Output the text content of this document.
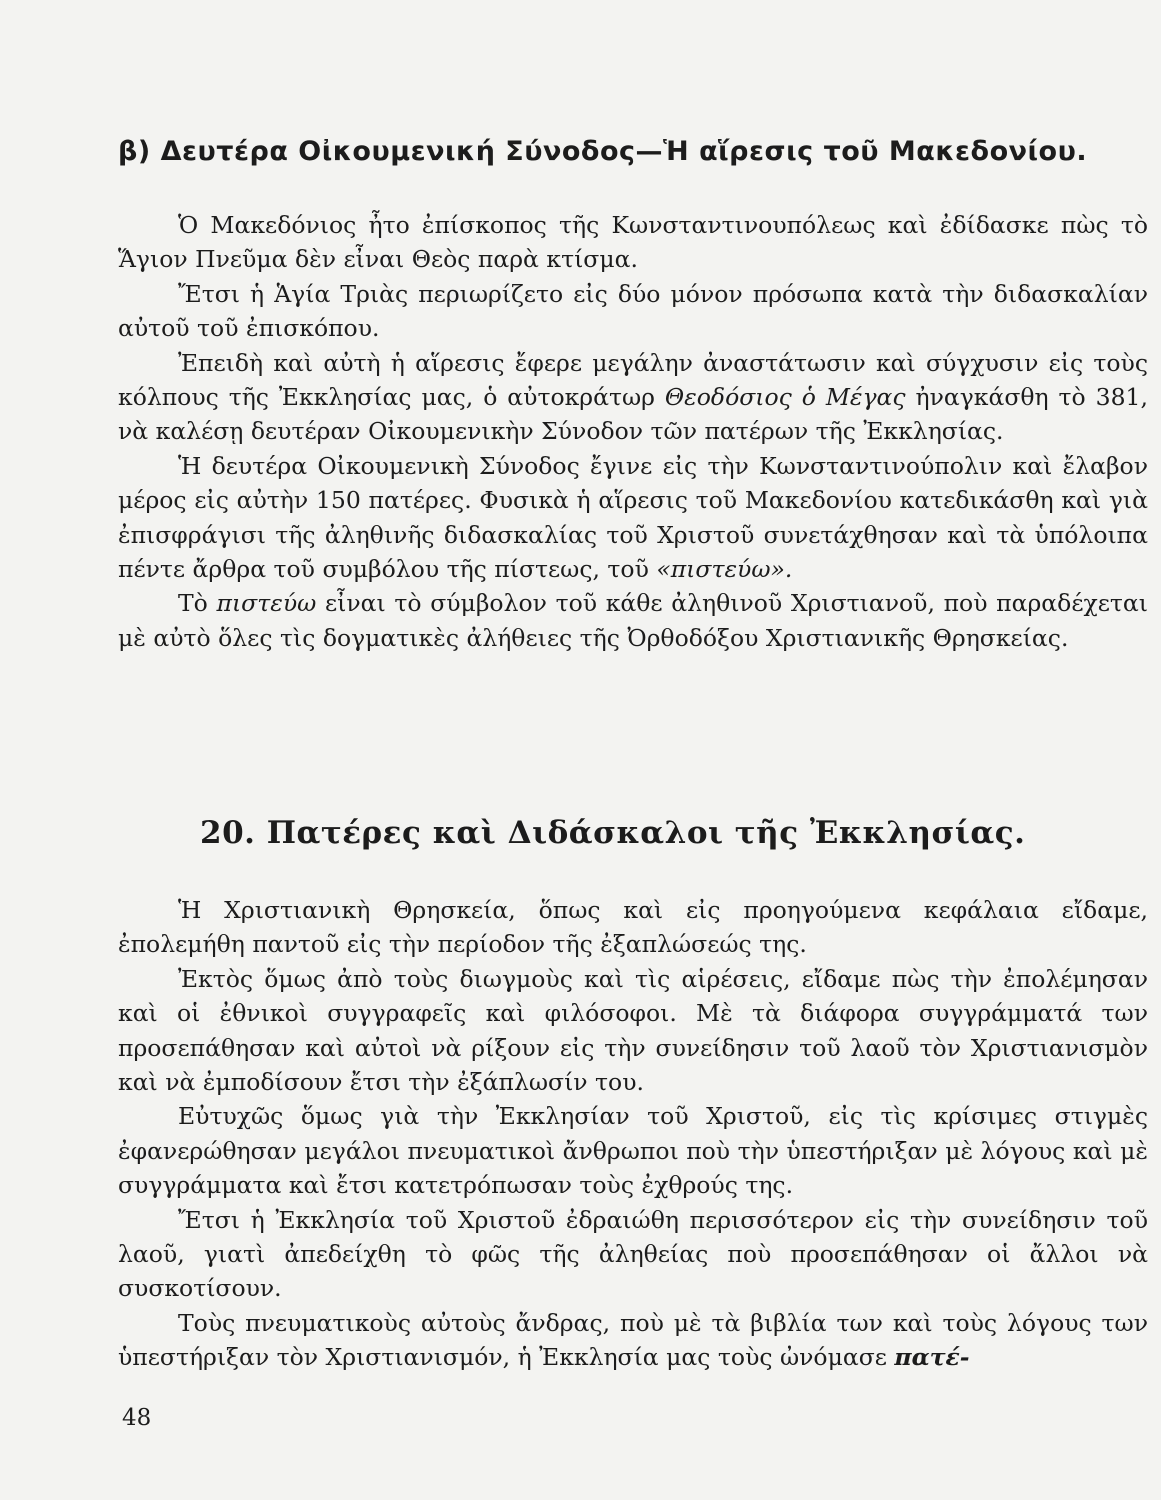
β) Δευτέρα Οἰκουμενική Σύνοδος—Ἡ αἵρεσις τοῦ Μακεδονίου.

Ὁ Μακεδόνιος ἦτο ἐπίσκοπος τῆς Κωνσταντινουπόλεως καὶ ἐδίδασκε πὼς τὸ Ἅγιον Πνεῦμα δὲν εἶναι Θεὸς παρὰ κτίσμα.

Ἔτσι ἡ Ἁγία Τριὰς περιωρίζετο εἰς δύο μόνον πρόσωπα κατὰ τὴν διδασκαλίαν αὐτοῦ τοῦ ἐπισκόπου.

Ἐπειδὴ καὶ αὐτὴ ἡ αἵρεσις ἔφερε μεγάλην ἀναστάτωσιν καὶ σύγχυσιν εἰς τοὺς κόλπους τῆς Ἐκκλησίας μας, ὁ αὐτοκράτωρ Θεοδόσιος ὁ Μέγας ἠναγκάσθη τὸ 381, νὰ καλέσῃ δευτέραν Οἰκουμενικὴν Σύνοδον τῶν πατέρων τῆς Ἐκκλησίας.

Ἡ δευτέρα Οἰκουμενικὴ Σύνοδος ἔγινε εἰς τὴν Κωνσταντινούπολιν καὶ ἔλαβον μέρος εἰς αὐτὴν 150 πατέρες. Φυσικὰ ἡ αἵρεσις τοῦ Μακεδονίου κατεδικάσθη καὶ γιὰ ἐπισφράγισι τῆς ἀληθινῆς διδασκαλίας τοῦ Χριστοῦ συνετάχθησαν καὶ τὰ ὑπόλοιπα πέντε ἄρθρα τοῦ συμβόλου τῆς πίστεως, τοῦ «πιστεύω».

Τὸ πιστεύω εἶναι τὸ σύμβολον τοῦ κάθε ἀληθινοῦ Χριστιανοῦ, ποὺ παραδέχεται μὲ αὐτὸ ὅλες τὶς δογματικὲς ἀλήθειες τῆς Ὀρθοδόξου Χριστιανικῆς Θρησκείας.

20. Πατέρες καὶ Διδάσκαλοι τῆς Ἐκκλησίας.

Ἡ Χριστιανικὴ Θρησκεία, ὅπως καὶ εἰς προηγούμενα κεφάλαια εἴδαμε, ἐπολεμήθη παντοῦ εἰς τὴν περίοδον τῆς ἐξαπλώσεώς της.

Ἐκτὸς ὅμως ἀπὸ τοὺς διωγμοὺς καὶ τὶς αἱρέσεις, εἴδαμε πὼς τὴν ἐπολέμησαν καὶ οἱ ἐθνικοὶ συγγραφεῖς καὶ φιλόσοφοι. Μὲ τὰ διάφορα συγγράμματά των προσεπάθησαν καὶ αὐτοὶ νὰ ρίξουν εἰς τὴν συνείδησιν τοῦ λαοῦ τὸν Χριστιανισμὸν καὶ νὰ ἐμποδίσουν ἔτσι τὴν ἐξάπλωσίν του.

Εὐτυχῶς ὅμως γιὰ τὴν Ἐκκλησίαν τοῦ Χριστοῦ, εἰς τὶς κρίσιμες στιγμὲς ἐφανερώθησαν μεγάλοι πνευματικοὶ ἄνθρωποι ποὺ τὴν ὑπεστήριξαν μὲ λόγους καὶ μὲ συγγράμματα καὶ ἔτσι κατετρόπωσαν τοὺς ἐχθρούς της.

Ἔτσι ἡ Ἐκκλησία τοῦ Χριστοῦ ἐδραιώθη περισσότερον εἰς τὴν συνείδησιν τοῦ λαοῦ, γιατὶ ἀπεδείχθη τὸ φῶς τῆς ἀληθείας ποὺ προσεπάθησαν οἱ ἄλλοι νὰ συσκοτίσουν.

Τοὺς πνευματικοὺς αὐτοὺς ἄνδρας, ποὺ μὲ τὰ βιβλία των καὶ τοὺς λόγους των ὑπεστήριξαν τὸν Χριστιανισμόν, ἡ Ἐκκλησία μας τοὺς ὠνόμασε πατέ-

48
